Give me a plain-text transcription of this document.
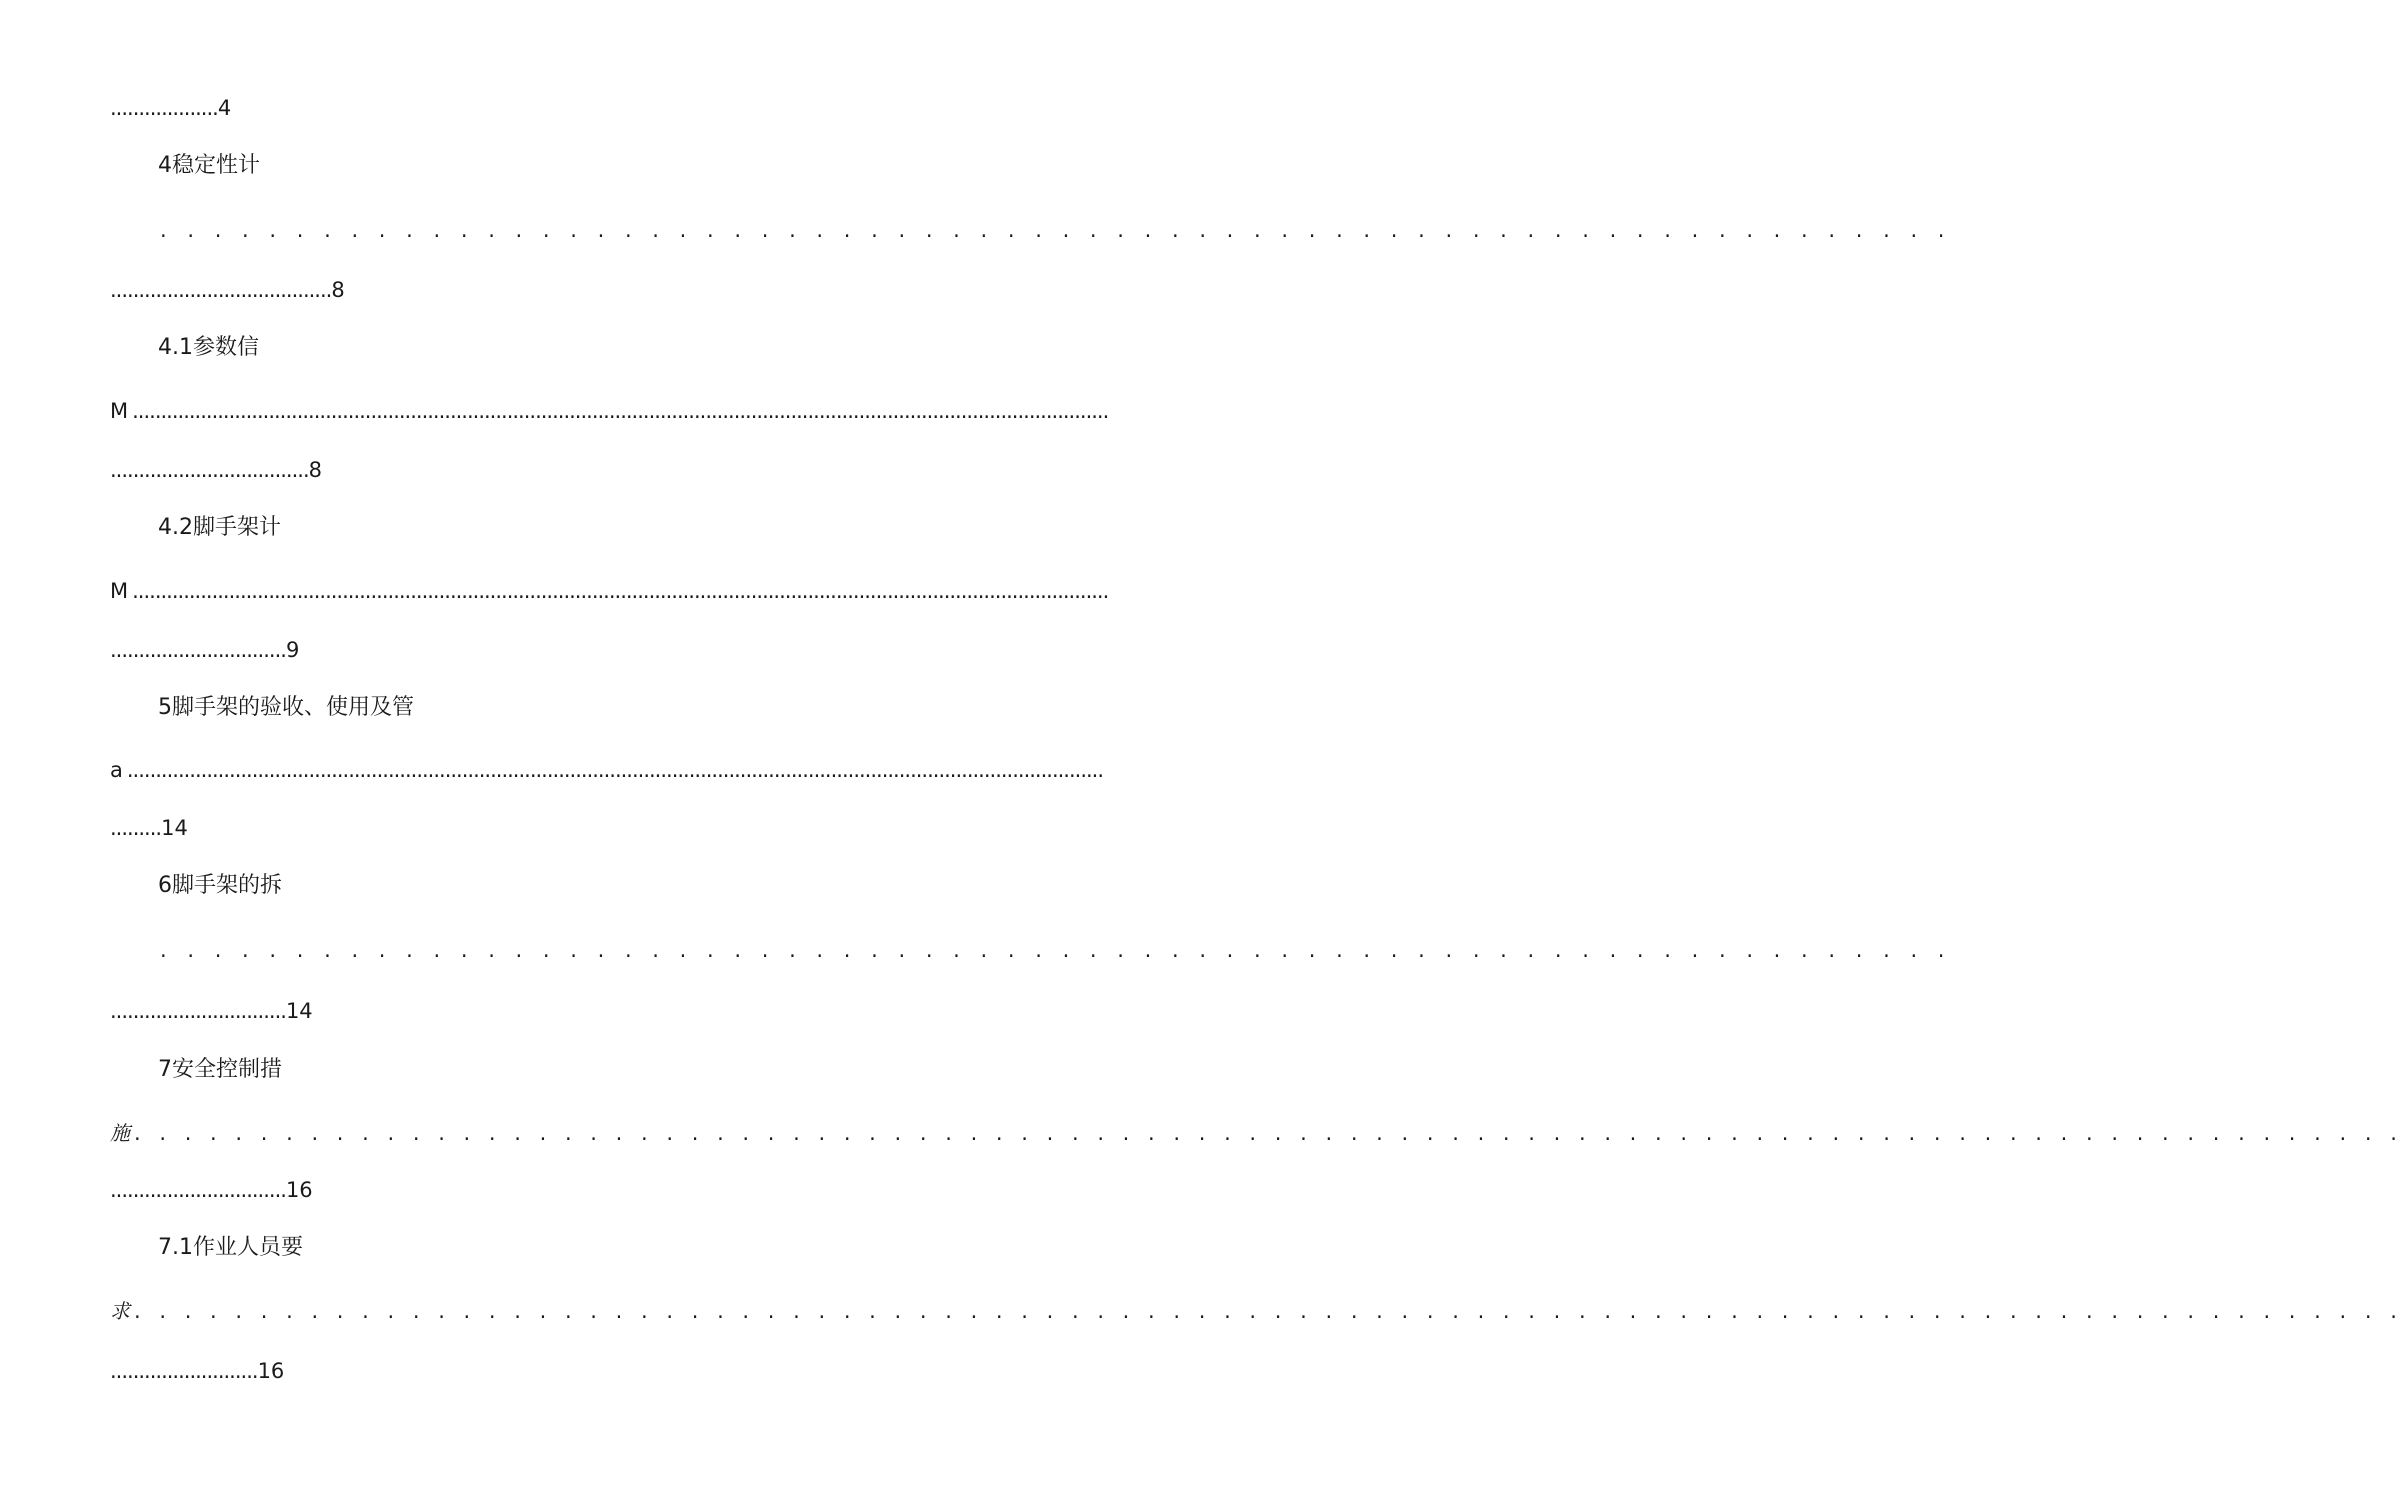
...................4
4稳定性计
. . . . . . . . . . . . . . . . . . . . . . . . . . . . . . . . . . . . . . . . . . . . . . . . . . . . . . . . . . . . . . . . . .
.......................................8
4.1参数信
M ............................................................................................................................................................................
...................................8
4.2脚手架计
M ............................................................................................................................................................................
...............................9
5脚手架的验收、使用及管
a ............................................................................................................................................................................
.........14
6脚手架的拆
. . . . . . . . . . . . . . . . . . . . . . . . . . . . . . . . . . . . . . . . . . . . . . . . . . . . . . . . . . . . . . . . . .
...............................14
7安全控制措
施 . . . . . . . . . . . . . . . . . . . . . . . . . . . . . . . . . . . . . . . . . . . . . . . . . . . . . . . . . . . . . . . . . . . . . . . . . . . . . . . . . . . . . . . . . .
...............................16
7.1作业人员要
求 . . . . . . . . . . . . . . . . . . . . . . . . . . . . . . . . . . . . . . . . . . . . . . . . . . . . . . . . . . . . . . . . . . . . . . . . . . . . . . . . . . . . . . . . . .
..........................16
